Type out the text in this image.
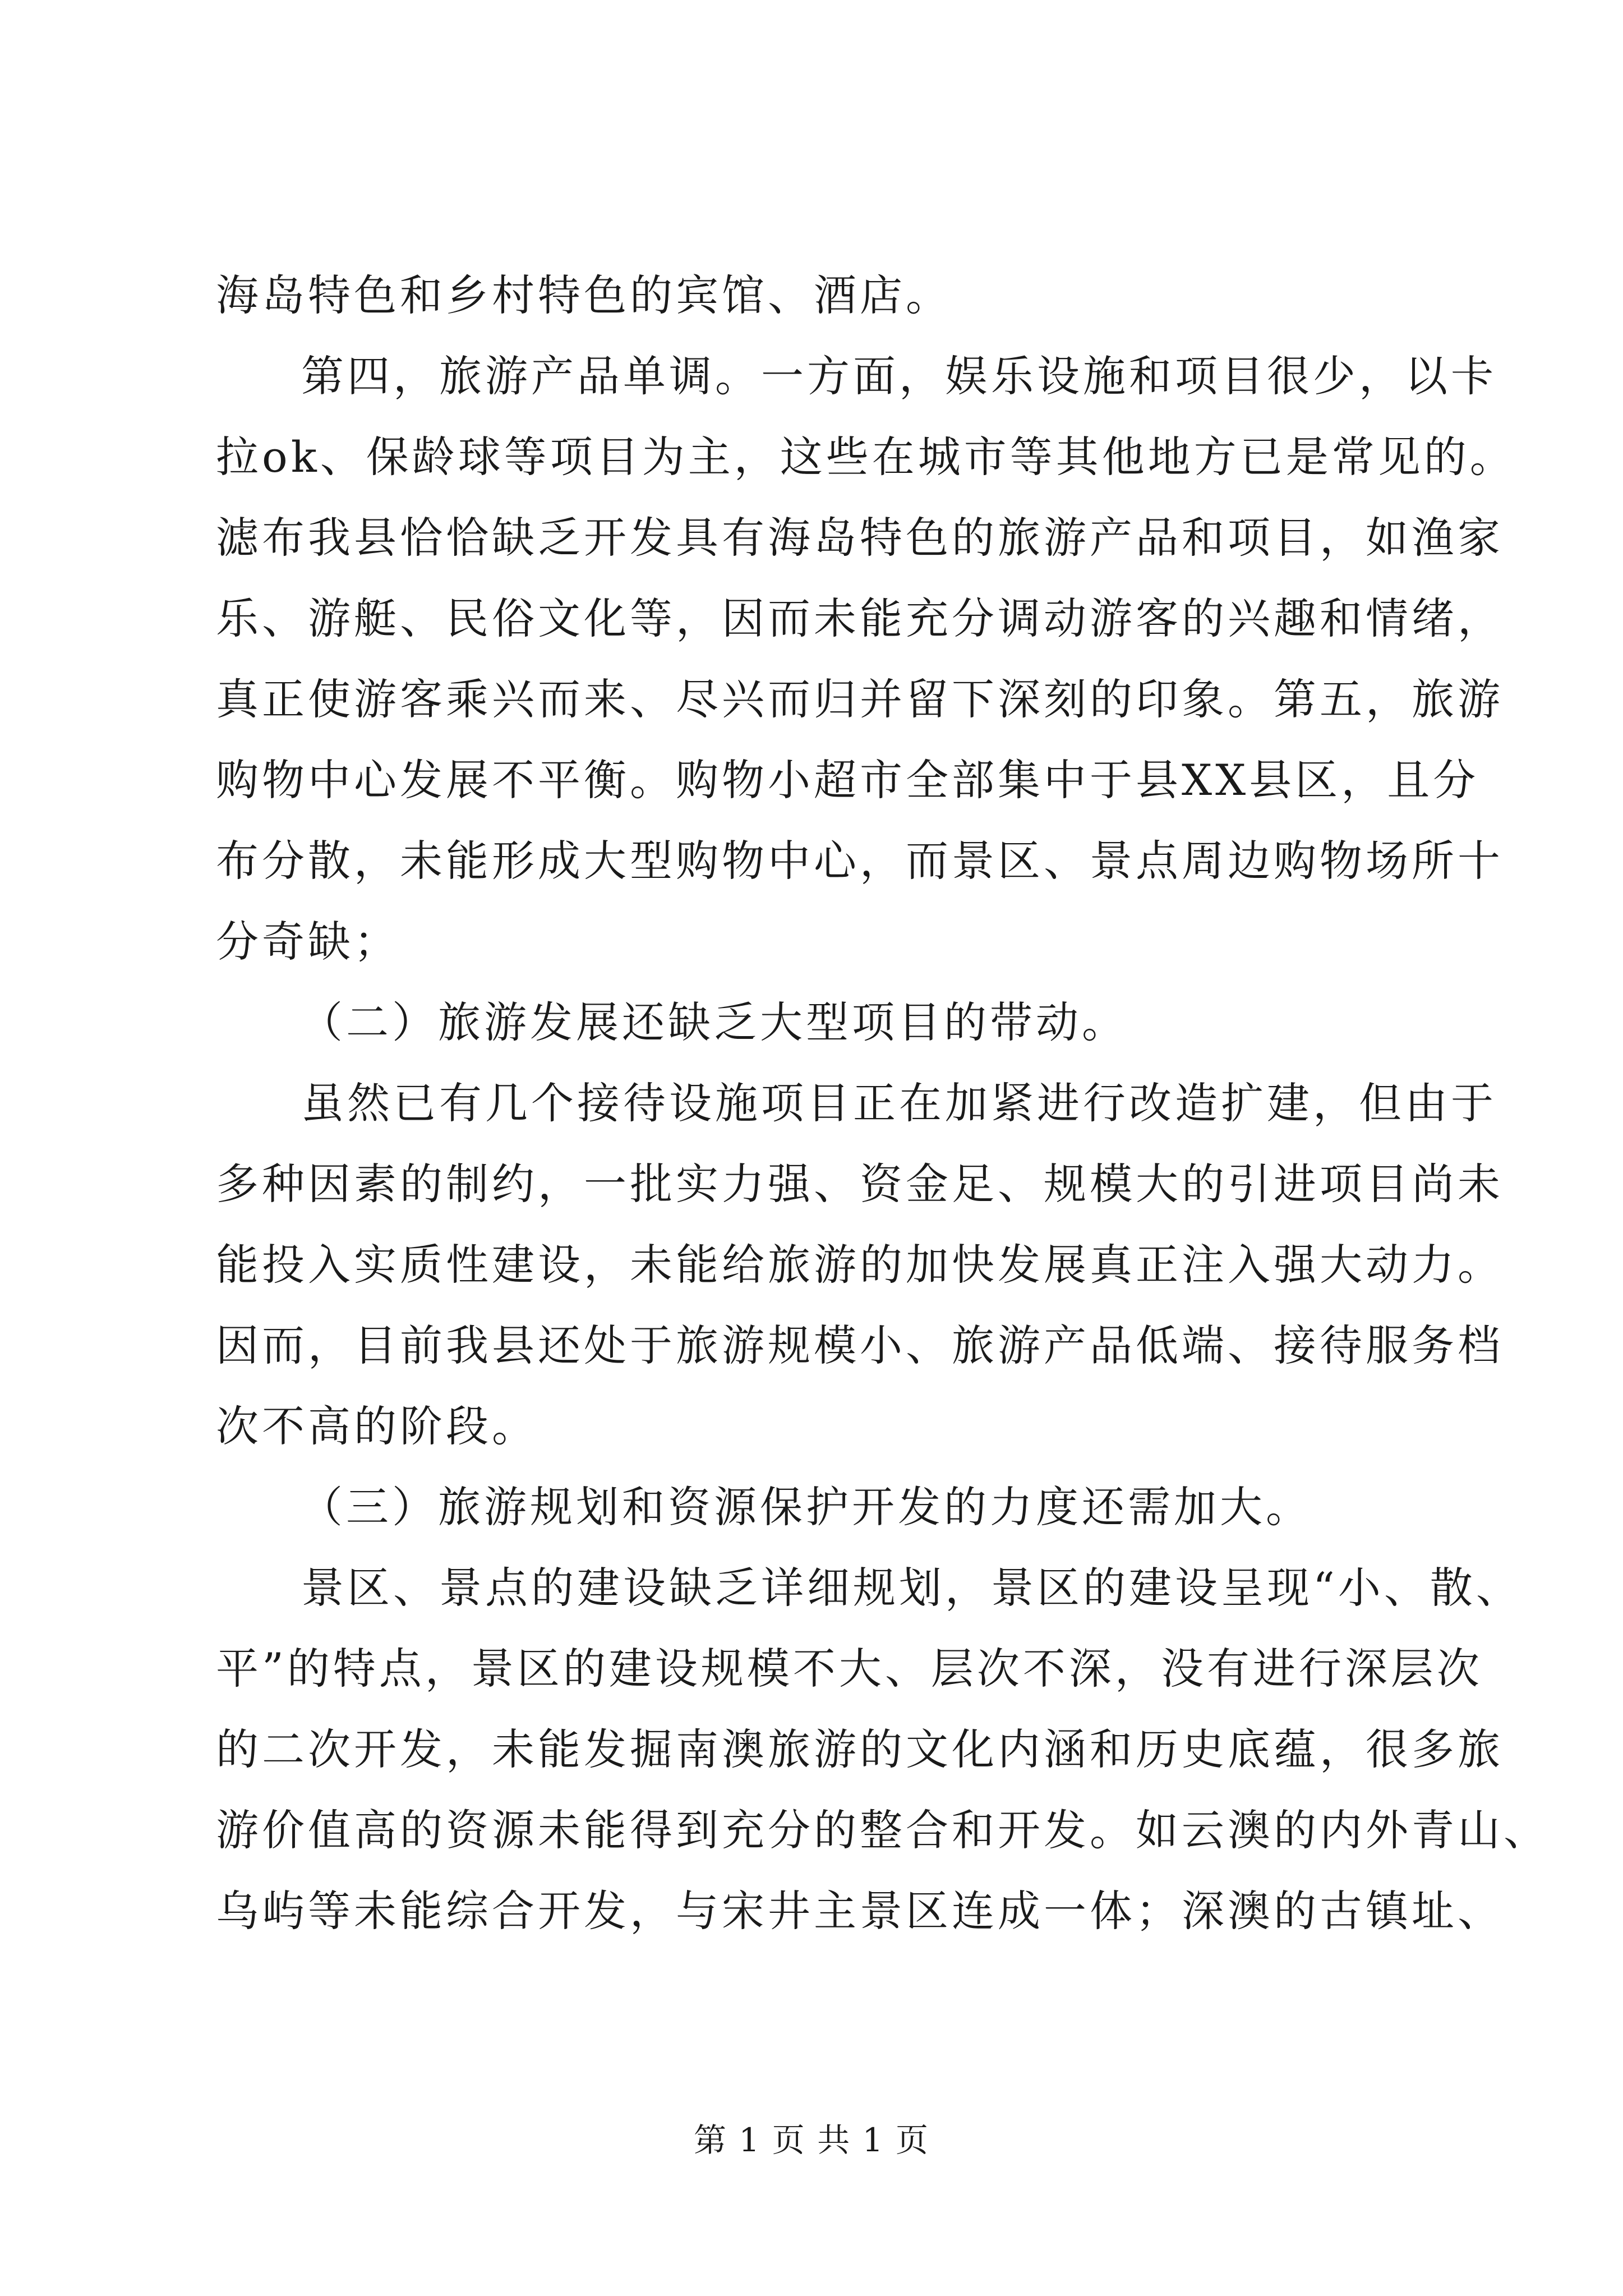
海岛特色和乡村特色的宾馆、酒店。
第四，旅游产品单调。一方面，娱乐设施和项目很少，以卡
拉ok、保龄球等项目为主，这些在城市等其他地方已是常见的。
滤布我县恰恰缺乏开发具有海岛特色的旅游产品和项目，如渔家
乐、游艇、民俗文化等，因而未能充分调动游客的兴趣和情绪，
真正使游客乘兴而来、尽兴而归并留下深刻的印象。第五，旅游
购物中心发展不平衡。购物小超市全部集中于县XX县区，且分
布分散，未能形成大型购物中心，而景区、景点周边购物场所十
分奇缺；
（二）旅游发展还缺乏大型项目的带动。
虽然已有几个接待设施项目正在加紧进行改造扩建，但由于
多种因素的制约，一批实力强、资金足、规模大的引进项目尚未
能投入实质性建设，未能给旅游的加快发展真正注入强大动力。
因而，目前我县还处于旅游规模小、旅游产品低端、接待服务档
次不高的阶段。
（三）旅游规划和资源保护开发的力度还需加大。
景区、景点的建设缺乏详细规划，景区的建设呈现“小、散、
平”的特点，景区的建设规模不大、层次不深，没有进行深层次
的二次开发，未能发掘南澳旅游的文化内涵和历史底蕴，很多旅
游价值高的资源未能得到充分的整合和开发。如云澳的内外青山、
乌屿等未能综合开发，与宋井主景区连成一体；深澳的古镇址、
第 1 页 共 1 页
